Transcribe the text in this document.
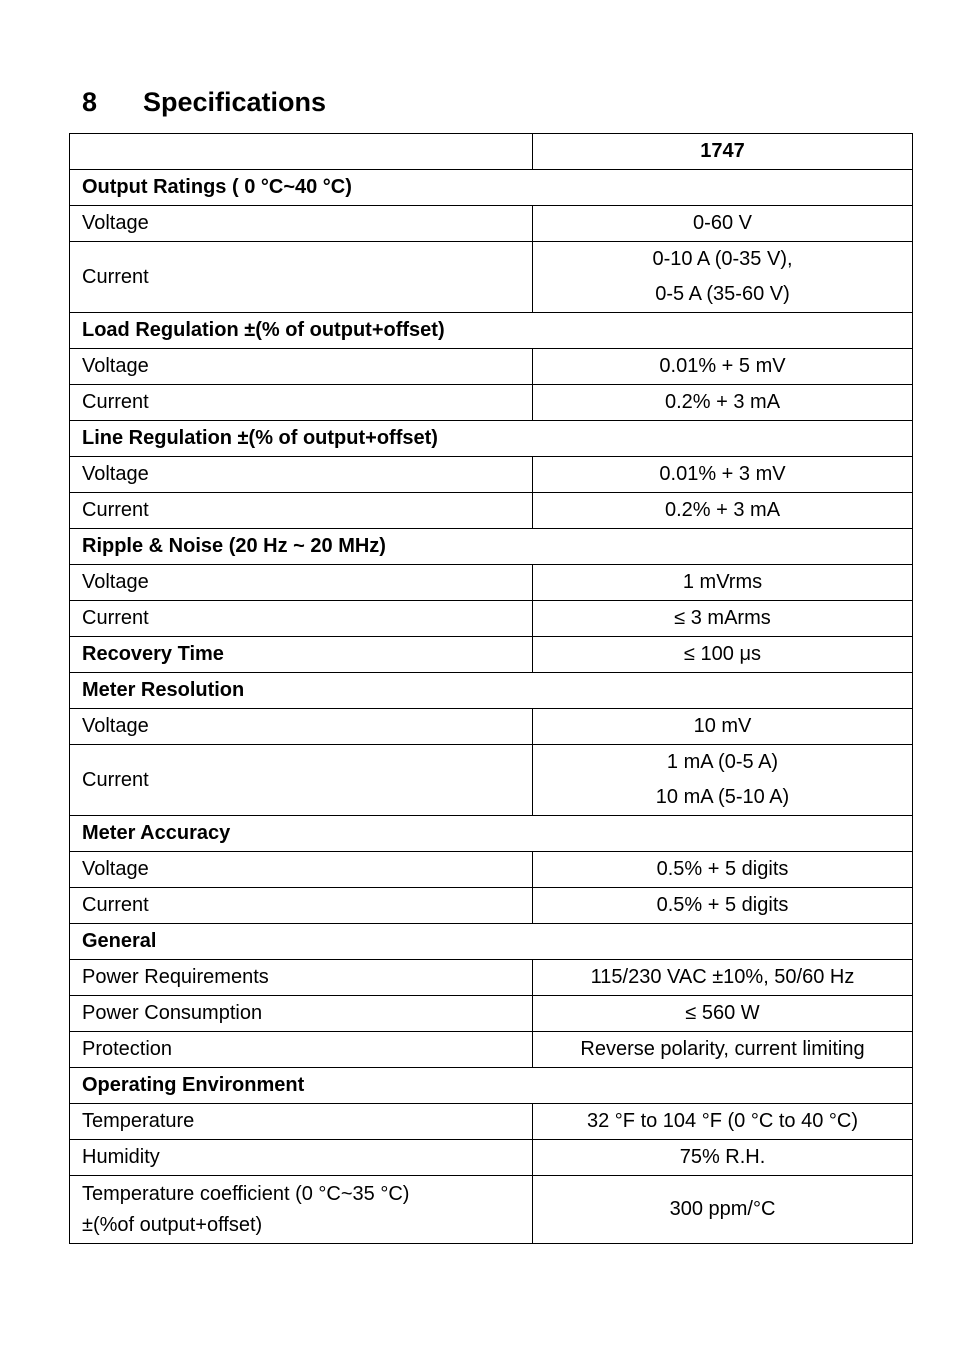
8 Specifications
	1747
Output Ratings ( 0 °C~40 °C)	
Voltage	0-60 V
Current	0-10 A (0-35 V),
0-5 A (35-60 V)

Load Regulation ±(% of output+offset)	
Voltage	0.01% + 5 mV
Current	0.2% + 3 mA
Line Regulation ±(% of output+offset)	
Voltage	0.01% + 3 mV
Current	0.2% + 3 mA
Ripple & Noise (20 Hz ~ 20 MHz)	
Voltage	1 mVrms
Current	≤ 3 mArms
Recovery Time	≤ 100 μs
Meter Resolution	
Voltage	10 mV
Current	1 mA (0-5 A)
10 mA (5-10 A)

Meter Accuracy	
Voltage	0.5% + 5 digits
Current	0.5% + 5 digits
General	
Power Requirements	115/230 VAC ±10%, 50/60 Hz
Power Consumption	≤ 560 W
Protection	Reverse polarity, current limiting
Operating Environment	
Temperature	32 °F to 104 °F (0 °C to 40 °C)
Humidity	75% R.H.

Temperature coefficient (0 °C~35 °C)
±(%of output+offset)	300 ppm/°C
